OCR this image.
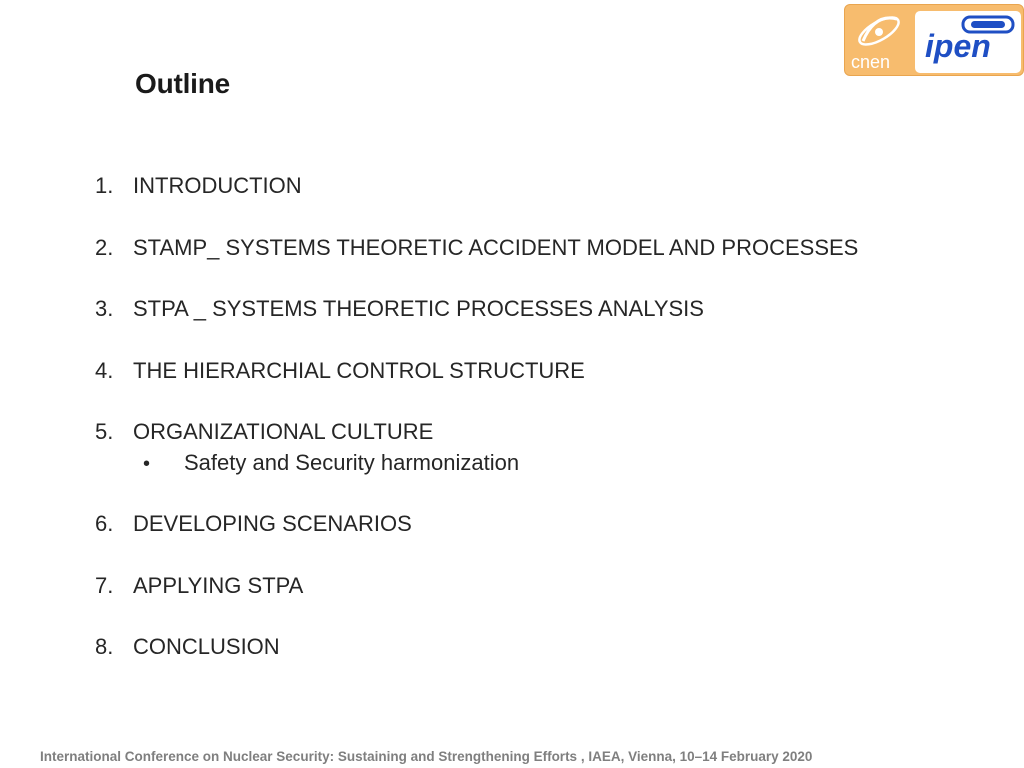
cnen ipen
Outline
1. INTRODUCTION
2. STAMP_ SYSTEMS THEORETIC ACCIDENT MODEL AND PROCESSES
3. STPA _ SYSTEMS THEORETIC PROCESSES ANALYSIS
4. THE HIERARCHIAL CONTROL STRUCTURE
5. ORGANIZATIONAL CULTURE
•	Safety and Security harmonization
6. DEVELOPING SCENARIOS
7. APPLYING STPA
8. CONCLUSION
International Conference on Nuclear Security: Sustaining and Strengthening Efforts , IAEA, Vienna, 10–14 February 2020
